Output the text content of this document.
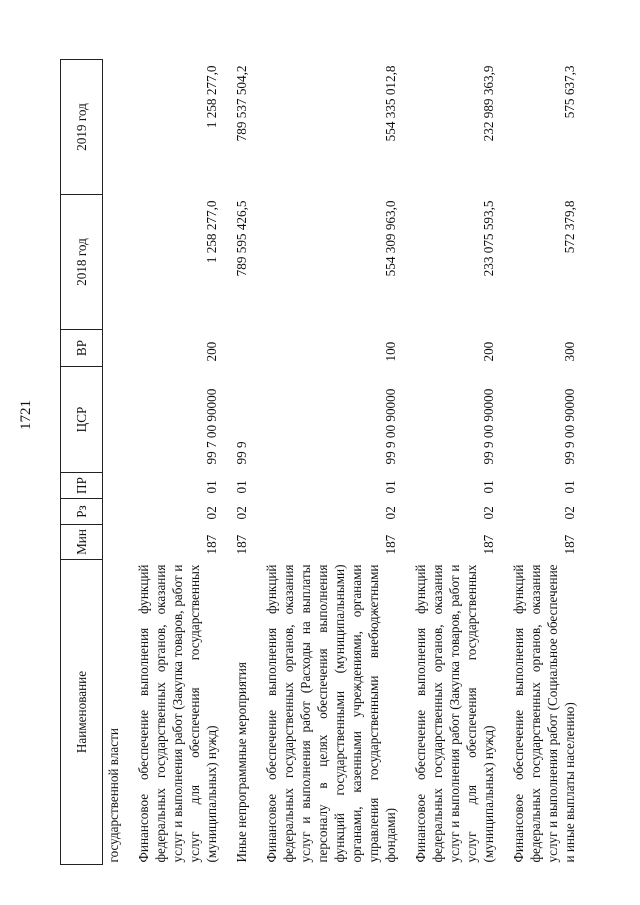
1721
Наименование	Мин	Рз	ПР	ЦСР	ВР	2018 год	2019 год
государственной власти							
Финансовое обеспечение выполнения функций федеральных государственных органов, оказания услуг и выполнения работ (Закупка товаров, работ и услуг для обеспечения государственных (муниципальных) нужд)	187	02	01	99 7 00 90000	200	1 258 277,0	1 258 277,0
Иные непрограммные мероприятия	187	02	01	99 9		789 595 426,5	789 537 504,2
Финансовое обеспечение выполнения функций федеральных государственных органов, оказания услуг и выполнения работ (Расходы на выплаты персоналу в целях обеспечения выполнения функций государственными (муниципальными) органами, казенными учреждениями, органами управления государственными внебюджетными фондами)	187	02	01	99 9 00 90000	100	554 309 963,0	554 335 012,8
Финансовое обеспечение выполнения функций федеральных государственных органов, оказания услуг и выполнения работ (Закупка товаров, работ и услуг для обеспечения государственных (муниципальных) нужд)	187	02	01	99 9 00 90000	200	233 075 593,5	232 989 363,9
Финансовое обеспечение выполнения функций федеральных государственных органов, оказания услуг и выполнения работ (Социальное обеспечение и иные выплаты населению)	187	02	01	99 9 00 90000	300	572 379,8	575 637,3
